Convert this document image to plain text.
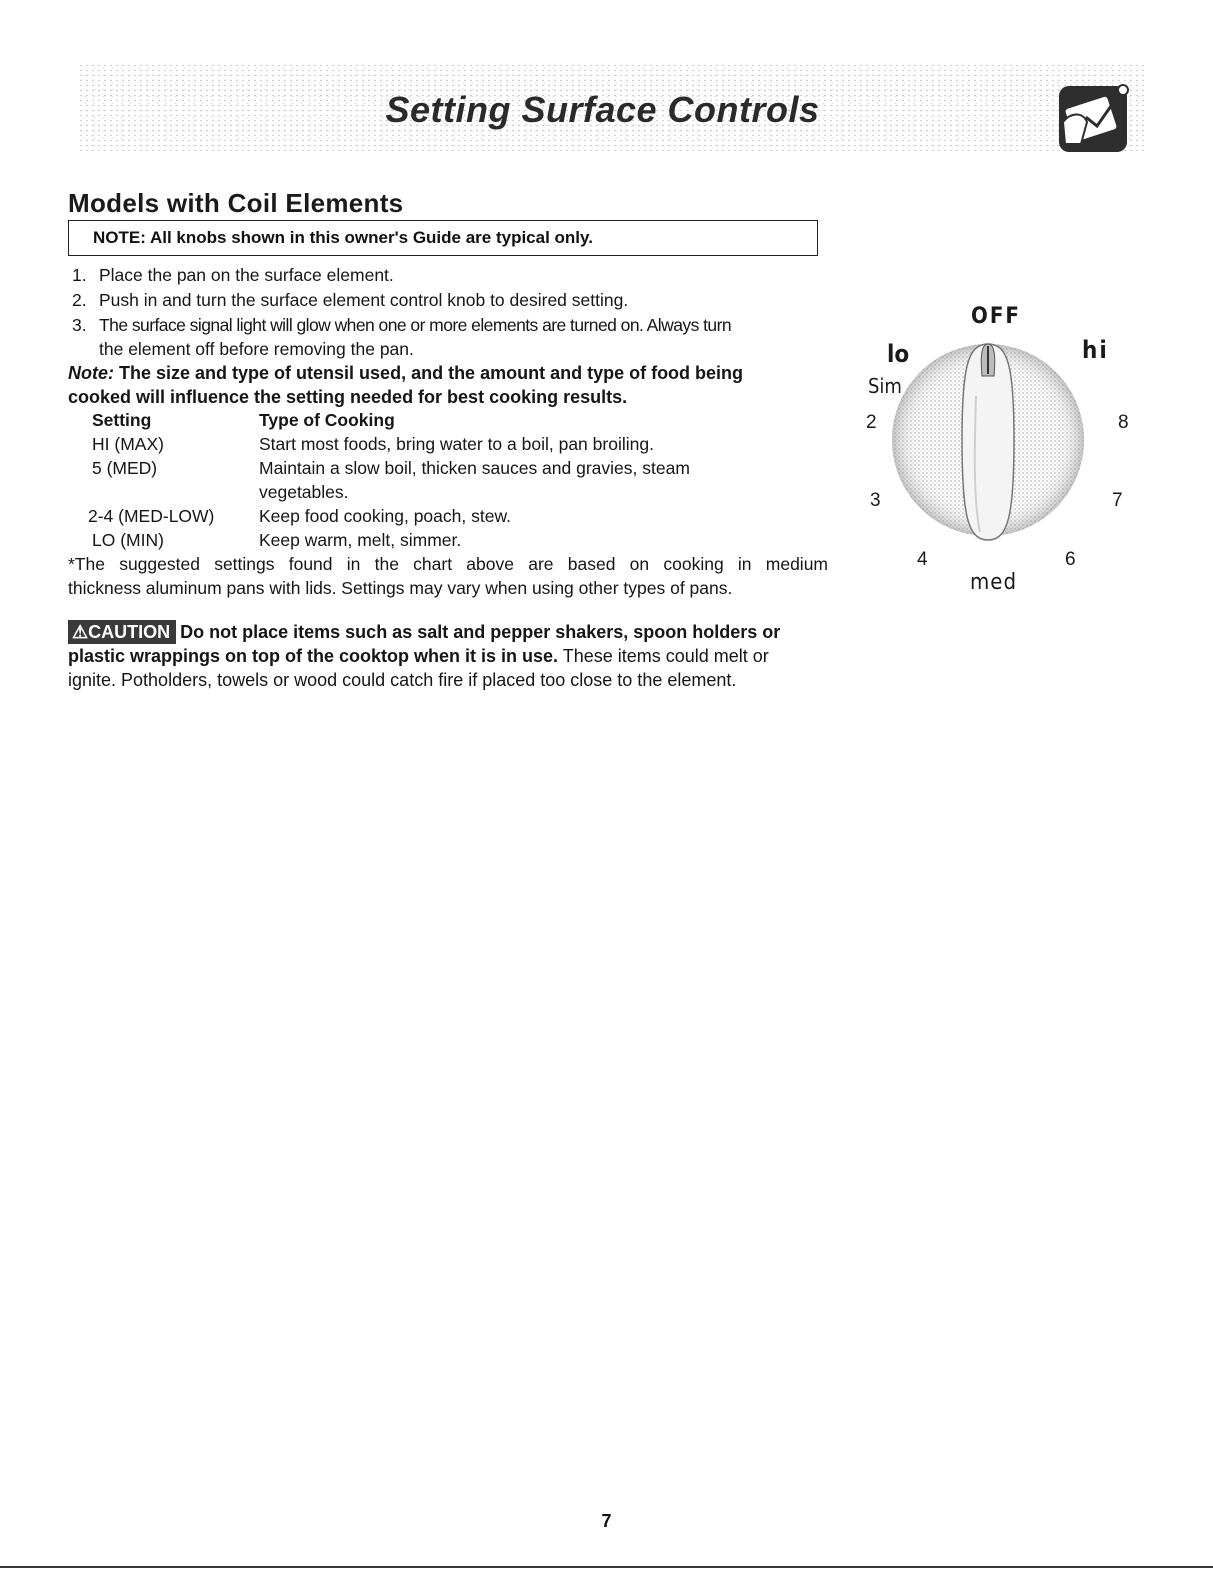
Setting Surface Controls
Models with Coil Elements
NOTE: All knobs shown in this owner's Guide are typical only.
1. Place the pan on the surface element.
2. Push in and turn the surface element control knob to desired setting.
3. The surface signal light will glow when one or more elements are turned on. Always turn
the element off before removing the pan.
Note: The size and type of utensil used, and the amount and type of food being
cooked will influence the setting needed for best cooking results.
Setting	Type of Cooking
HI (MAX)	Start most foods, bring water to a boil, pan broiling.
5 (MED)	Maintain a slow boil, thicken sauces and gravies, steam
vegetables.
2-4 (MED-LOW)	Keep food cooking, poach, stew.
LO (MIN)	Keep warm, melt, simmer.
*The suggested settings found in the chart above are based on cooking in medium
thickness aluminum pans with lids. Settings may vary when using other types of pans.
⚠CAUTION Do not place items such as salt and pepper shakers, spoon holders or
plastic wrappings on top of the cooktop when it is in use. These items could melt or
ignite. Potholders, towels or wood could catch fire if placed too close to the element.
OFF
lo	hi
Sim
2
3
4	6
7
8
med
7
